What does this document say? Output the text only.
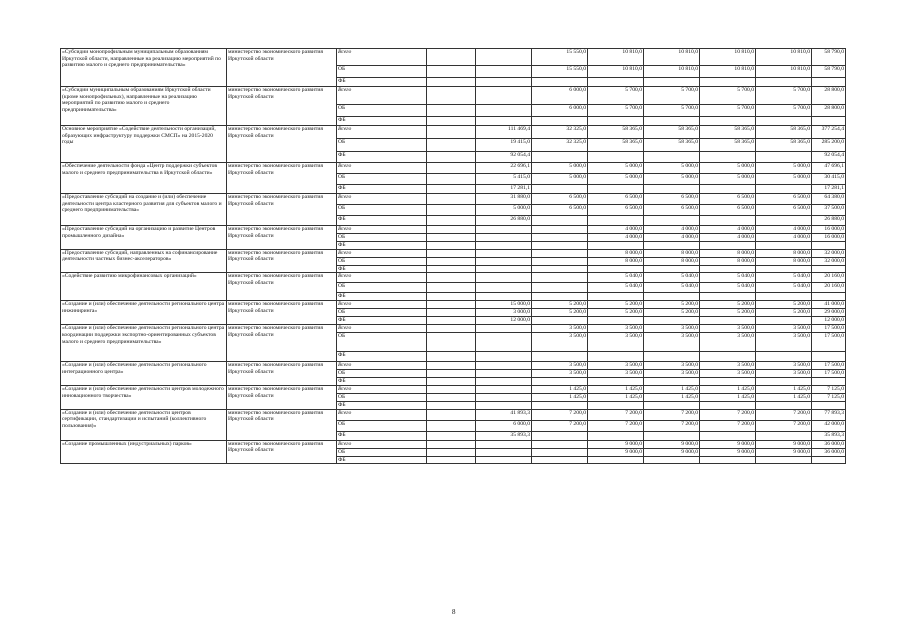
«Субсидии монопрофильным муниципальным образованиям Иркутской области, направленные на реализацию мероприятий по развитию малого и среднего предпринимательства»	министерство экономического развития Иркутской области	Всего			15 550,0	10 810,0	10 810,0	10 810,0	10 810,0	58 790,0	
		ОБ			15 550,0	10 810,0	10 810,0	10 810,0	10 810,0	58 790,0	
		ФБ									
«Субсидии муниципальным образованиям Иркутской области (кроме монопрофильных), направленные на реализацию мероприятий по развитию малого и среднего предпринимательства»	министерство экономического развития Иркутской области	Всего			6 000,0	5 700,0	5 700,0	5 700,0	5 700,0	28 800,0	
		ОБ			6 000,0	5 700,0	5 700,0	5 700,0	5 700,0	28 800,0	
		ФБ									
Основное мероприятие «Содействие деятельности организаций, образующих инфраструктуру поддержки СМСП» на 2015-2020 годы	министерство экономического развития Иркутской области	Всего		111 469,4	32 325,0	58 365,0	58 365,0	58 365,0	58 365,0	377 254,4	
		ОБ		19 415,0	32 325,0	58 365,0	58 365,0	58 365,0	58 365,0	285 200,0	
		ФБ		92 054,4						92 054,4	
«Обеспечение деятельности фонда «Центр поддержки субъектов малого и среднего предпринимательства в Иркутской области»	министерство экономического развития Иркутской области	Всего		22 696,1	5 000,0	5 000,0	5 000,0	5 000,0	5 000,0	47 696,1	
		ОБ		5 415,0	5 000,0	5 000,0	5 000,0	5 000,0	5 000,0	30 415,0	
		ФБ		17 281,1						17 281,1	
«Предоставление субсидий на создание и (или) обеспечение деятельности центра кластерного развития для субъектов малого и среднего предпринимательства»	министерство экономического развития Иркутской области	Всего		31 880,0	6 500,0	6 500,0	6 500,0	6 500,0	6 500,0	64 380,0	
		ОБ		5 000,0	6 500,0	6 500,0	6 500,0	6 500,0	6 500,0	37 500,0	
		ФБ		26 880,0						26 880,0	
«Предоставление субсидий на организацию и развитие Центров промышленного дизайна»	министерство экономического развития Иркутской области	Всего				4 000,0	4 000,0	4 000,0	4 000,0	16 000,0	
		ОБ				4 000,0	4 000,0	4 000,0	4 000,0	16 000,0	
		ФБ									
«Предоставление субсидий, направленных на софинансирование деятельности частных бизнес-акселераторов»	министерство экономического развития Иркутской области	Всего				8 000,0	8 000,0	8 000,0	8 000,0	32 000,0	
		ОБ				8 000,0	8 000,0	8 000,0	8 000,0	32 000,0	
		ФБ									
«Содействие развитию микрофинансовых организаций»	министерство экономического развития Иркутской области	Всего				5 040,0	5 040,0	5 040,0	5 040,0	20 160,0	
		ОБ				5 040,0	5 040,0	5 040,0	5 040,0	20 160,0	
		ФБ									
«Создание и (или) обеспечение деятельности регионального центра инжиниринга»	министерство экономического развития Иркутской области	Всего		15 000,0	5 200,0	5 200,0	5 200,0	5 200,0	5 200,0	41 000,0	
		ОБ		3 000,0	5 200,0	5 200,0	5 200,0	5 200,0	5 200,0	29 000,0	
		ФБ		12 000,0						12 000,0	
«Создание и (или) обеспечение деятельности регионального центра координации поддержки экспортно-ориентированных субъектов малого и среднего предпринимательства»	министерство экономического развития Иркутской области	Всего			3 500,0	3 500,0	3 500,0	3 500,0	3 500,0	17 500,0	
		ОБ			3 500,0	3 500,0	3 500,0	3 500,0	3 500,0	17 500,0	
		ФБ									
«Создание и (или) обеспечение деятельности регионального интеграционного центра»	министерство экономического развития Иркутской области	Всего			3 500,0	3 500,0	3 500,0	3 500,0	3 500,0	17 500,0	
		ОБ			3 500,0	3 500,0	3 500,0	3 500,0	3 500,0	17 500,0	
		ФБ									
«Создание и (или) обеспечение деятельности центров молодежного инновационного творчества»	министерство экономического развития Иркутской области	Всего			1 425,0	1 425,0	1 425,0	1 425,0	1 425,0	7 125,0	
		ОБ			1 425,0	1 425,0	1 425,0	1 425,0	1 425,0	7 125,0	
		ФБ									
«Создание и (или) обеспечение деятельности центров сертификации, стандартизации и испытаний (коллективного пользования)»	министерство экономического развития Иркутской области	Всего		41 893,3	7 200,0	7 200,0	7 200,0	7 200,0	7 200,0	77 893,3	
		ОБ		6 000,0	7 200,0	7 200,0	7 200,0	7 200,0	7 200,0	42 000,0	
		ФБ		35 893,3						35 893,3	
«Создание промышленных (индустриальных) парков»	министерство экономического развития Иркутской области	Всего				9 000,0	9 000,0	9 000,0	9 000,0	36 000,0	
		ОБ				9 000,0	9 000,0	9 000,0	9 000,0	36 000,0	
		ФБ									
8
